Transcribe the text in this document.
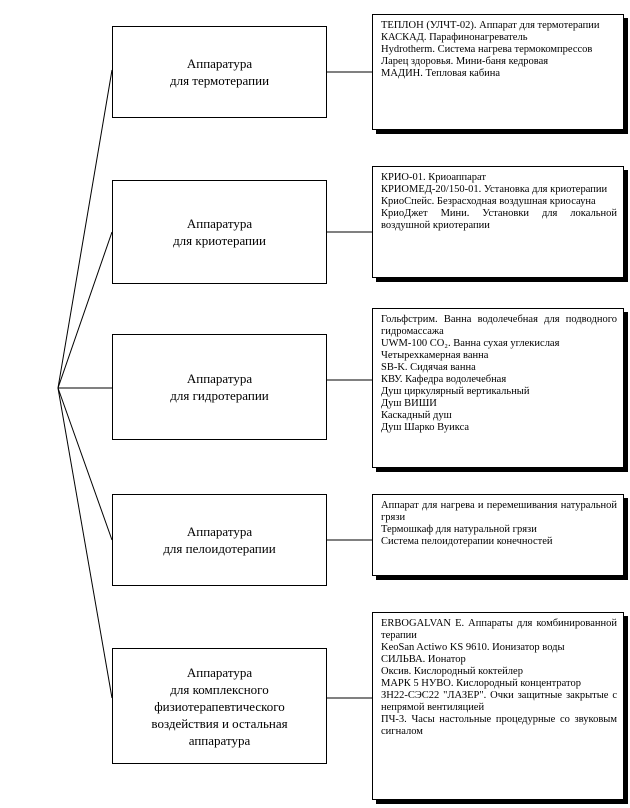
Аппаратура
для термотерапии
Аппаратура
для криотерапии
Аппаратура
для гидротерапии
Аппаратура
для пелоидотерапии
Аппаратура
для комплексного
физиотерапевтического
воздействия и остальная
аппаратура

ТЕПЛОН (УЛЧТ-02). Аппарат для термотерапии

КАСКАД. Парафинонагреватель

Hydrotherm. Система нагрева термокомпрессов

Ларец здоровья. Мини-баня кедровая

МАДИН. Тепловая кабина

КРИО-01. Криоаппарат

КРИОМЕД-20/150-01. Установка для криотерапии

КриоСпейс. Безрасходная воздушная криосауна

КриоДжет Мини. Установки для локальной воздушной криотерапии

Гольфстрим. Ванна водолечебная для подводного гидромассажа

UWM-100 CO₂. Ванна сухая углекислая

Четырехкамерная ванна

SB-K. Сидячая ванна

КВУ. Кафедра водолечебная

Душ циркулярный вертикальный

Душ ВИШИ

Каскадный душ

Душ Шарко Вуикса

Аппарат для нагрева и перемешивания натуральной грязи

Термошкаф для натуральной грязи

Система пелоидотерапии конечностей

ERBOGALVAN E. Аппараты для комбинированной терапии

KeoSan Actiwo KS 9610. Ионизатор воды

СИЛЬВА. Ионатор

Оксив. Кислородный коктейлер

МАРК 5 НУВО. Кислородный концентратор

ЗН22-СЭС22 "ЛАЗЕР". Очки защитные закрытые с непрямой вентиляцией

ПЧ-3. Часы настольные процедурные со звуковым сигналом
